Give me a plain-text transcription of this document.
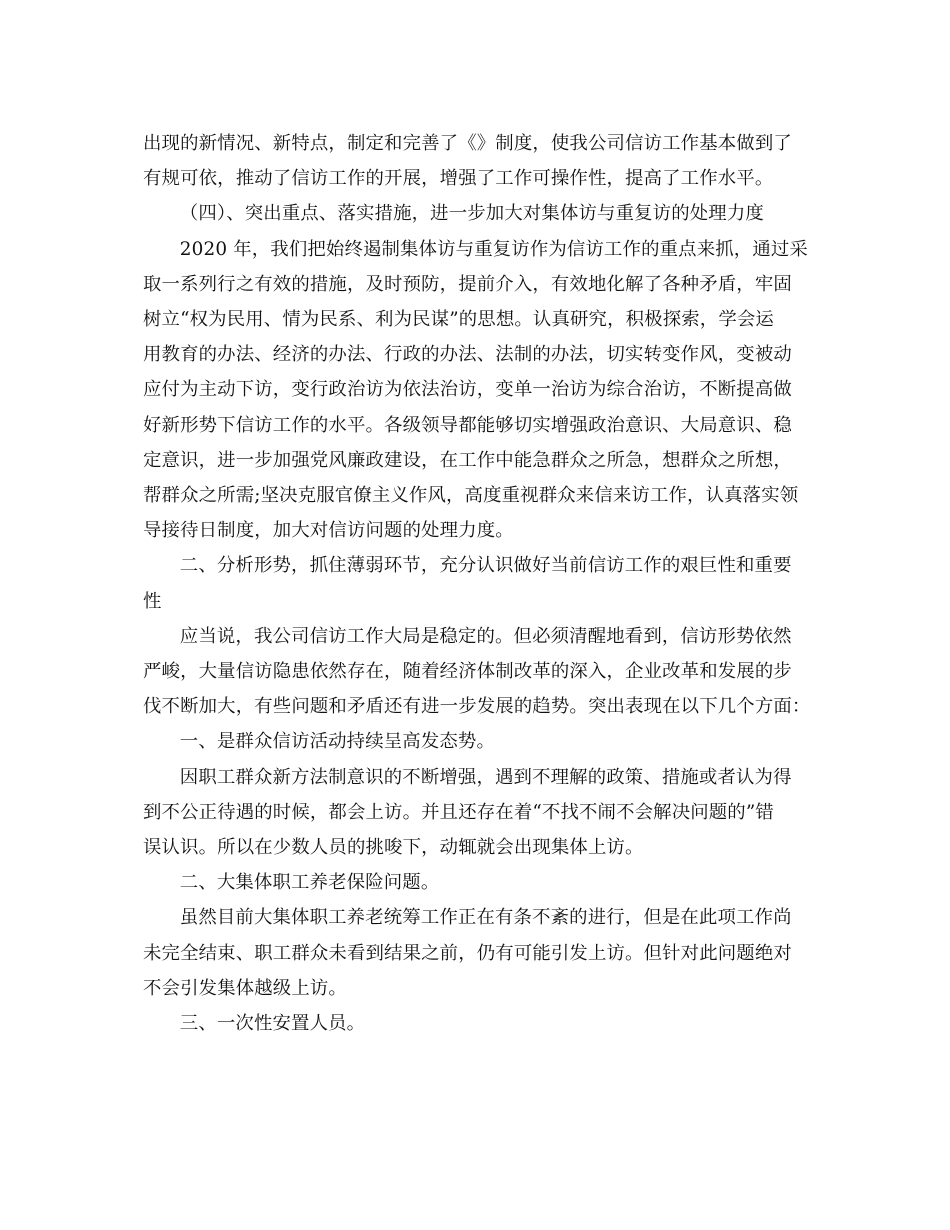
出现的新情况、新特点，制定和完善了《》制度，使我公司信访工作基本做到了
有规可依，推动了信访工作的开展，增强了工作可操作性，提高了工作水平。

（四）、突出重点、落实措施，进一步加大对集体访与重复访的处理力度

2020 年，我们把始终遏制集体访与重复访作为信访工作的重点来抓，通过采
取一系列行之有效的措施，及时预防，提前介入，有效地化解了各种矛盾，牢固
树立“权为民用、情为民系、利为民谋”的思想。认真研究，积极探索，学会运
用教育的办法、经济的办法、行政的办法、法制的办法，切实转变作风，变被动
应付为主动下访，变行政治访为依法治访，变单一治访为综合治访，不断提高做
好新形势下信访工作的水平。各级领导都能够切实增强政治意识、大局意识、稳
定意识，进一步加强党风廉政建设，在工作中能急群众之所急，想群众之所想，
帮群众之所需;坚决克服官僚主义作风，高度重视群众来信来访工作，认真落实领
导接待日制度，加大对信访问题的处理力度。

二、分析形势，抓住薄弱环节，充分认识做好当前信访工作的艰巨性和重要
性

应当说，我公司信访工作大局是稳定的。但必须清醒地看到，信访形势依然
严峻，大量信访隐患依然存在，随着经济体制改革的深入，企业改革和发展的步
伐不断加大，有些问题和矛盾还有进一步发展的趋势。突出表现在以下几个方面：

一、是群众信访活动持续呈高发态势。

因职工群众新方法制意识的不断增强，遇到不理解的政策、措施或者认为得
到不公正待遇的时候，都会上访。并且还存在着“不找不闹不会解决问题的”错
误认识。所以在少数人员的挑唆下，动辄就会出现集体上访。

二、大集体职工养老保险问题。

虽然目前大集体职工养老统筹工作正在有条不紊的进行，但是在此项工作尚
未完全结束、职工群众未看到结果之前，仍有可能引发上访。但针对此问题绝对
不会引发集体越级上访。

三、一次性安置人员。
